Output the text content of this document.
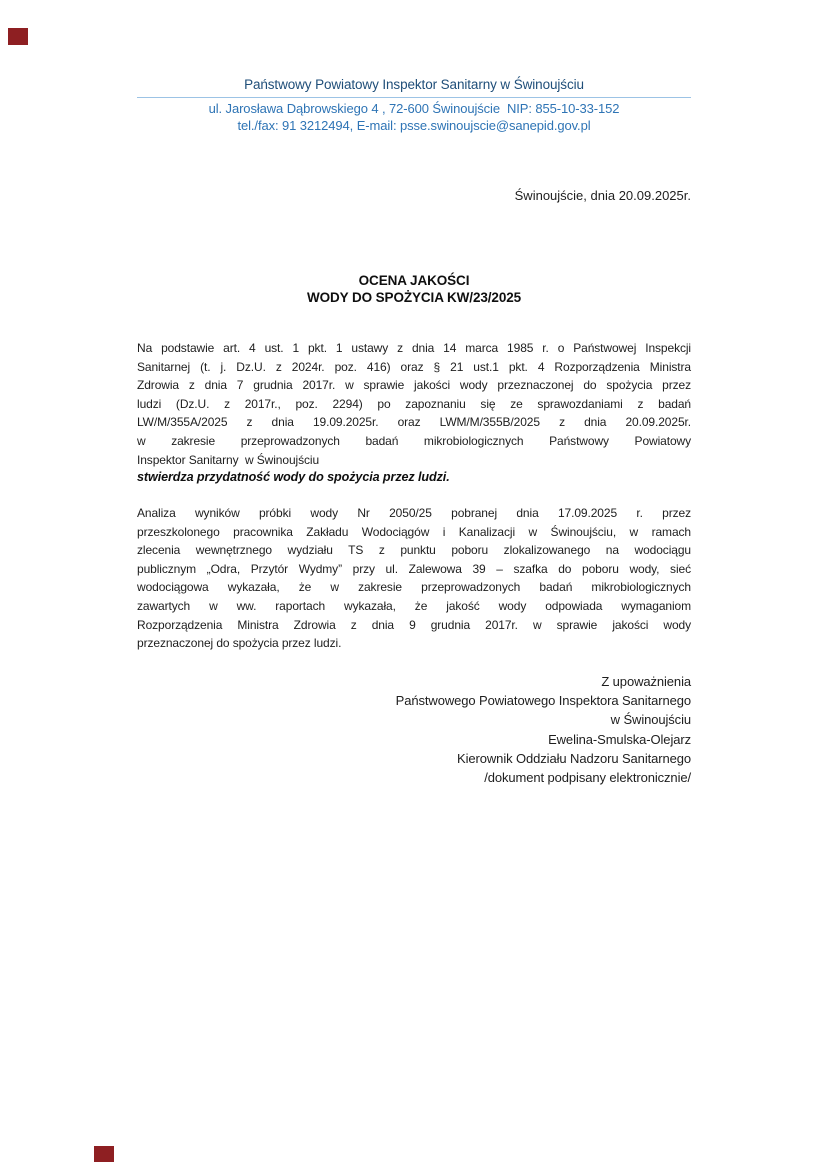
Państwowy Powiatowy Inspektor Sanitarny w Świnoujściu
ul. Jarosława Dąbrowskiego 4 , 72-600 Świnoujście  NIP: 855-10-33-152
tel./fax: 91 3212494, E-mail: psse.swinoujscie@sanepid.gov.pl
Świnoujście, dnia 20.09.2025r.
OCENA JAKOŚCI
WODY DO SPOŻYCIA KW/23/2025
Na podstawie art. 4 ust. 1 pkt. 1 ustawy z dnia 14 marca 1985 r. o Państwowej Inspekcji
Sanitarnej (t. j. Dz.U. z 2024r. poz. 416) oraz § 21 ust.1 pkt. 4 Rozporządzenia Ministra
Zdrowia z dnia 7 grudnia 2017r. w sprawie jakości wody przeznaczonej do spożycia przez
ludzi (Dz.U. z 2017r., poz. 2294) po zapoznaniu się ze sprawozdaniami z badań
LW/M/355A/2025 z dnia 19.09.2025r. oraz LWM/M/355B/2025 z dnia 20.09.2025r.
w zakresie przeprowadzonych badań mikrobiologicznych Państwowy Powiatowy
Inspektor Sanitarny  w Świnoujściu
stwierdza przydatność wody do spożycia przez ludzi.
Analiza wyników próbki wody Nr 2050/25 pobranej dnia 17.09.2025 r. przez
przeszkolonego pracownika Zakładu Wodociągów i Kanalizacji w Świnoujściu, w ramach
zlecenia wewnętrznego wydziału TS z punktu poboru zlokalizowanego na wodociągu
publicznym „Odra, Przytór Wydmy” przy ul. Zalewowa 39 – szafka do poboru wody, sieć
wodociągowa wykazała, że w zakresie przeprowadzonych badań mikrobiologicznych
zawartych w ww. raportach wykazała, że jakość wody odpowiada wymaganiom
Rozporządzenia Ministra Zdrowia z dnia 9 grudnia 2017r. w sprawie jakości wody
przeznaczonej do spożycia przez ludzi.
Z upoważnienia
Państwowego Powiatowego Inspektora Sanitarnego
w Świnoujściu
Ewelina-Smulska-Olejarz
Kierownik Oddziału Nadzoru Sanitarnego
/dokument podpisany elektronicznie/
